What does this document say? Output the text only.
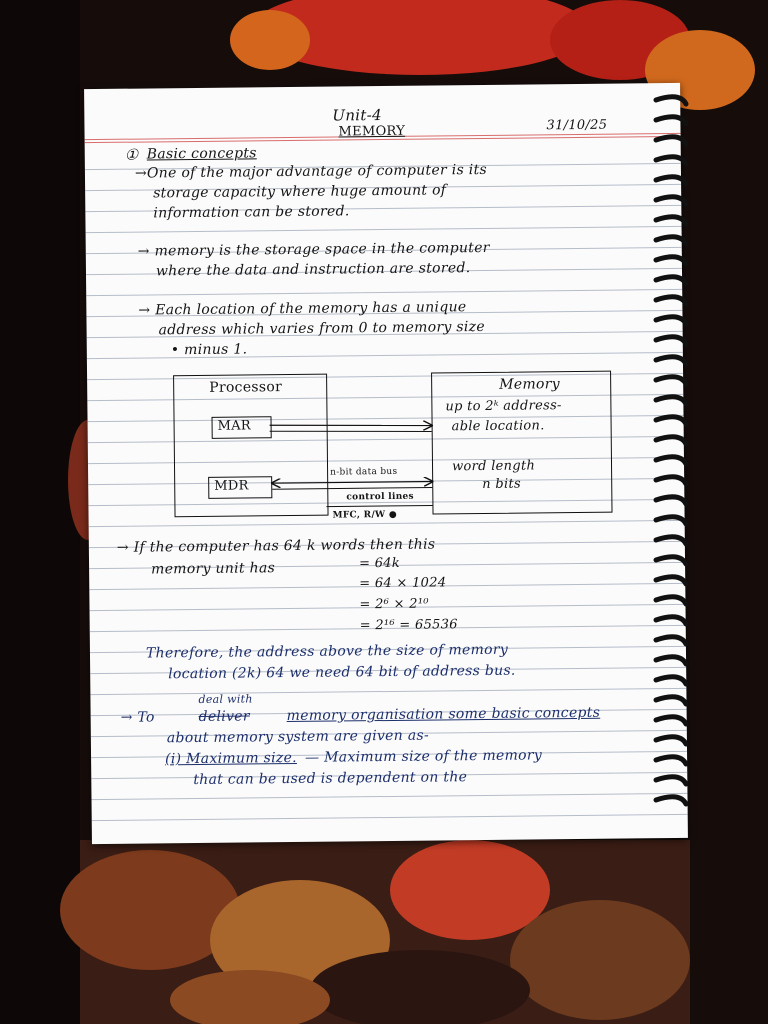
Unit-4
MEMORY	31/10/25
① Basic concepts
→One of the major advantage of computer is its
storage capacity where huge amount of
information can be stored.
→ memory is the storage space in the computer
where the data and instruction are stored.
→ Each location of the memory has a unique
address which varies from 0 to memory size
• minus 1.
Processor
MAR
MDR
Memory
up to 2ᵏ address-
able location.
word length
n bits
n-bit data bus
control lines
MFC, R/W ●
→ If the computer has 64 k words then this
memory unit has	= 64k
= 64 × 1024
= 2⁶ × 2¹⁰
= 2¹⁶ = 65536
Therefore, the address above the size of memory
location (2k) 64 we need 64 bit of address bus.
deal with
→ To	deliver	memory organisation some basic concepts
about memory system are given as-
(i) Maximum size. — Maximum size of the memory
that can be used is dependent on the
